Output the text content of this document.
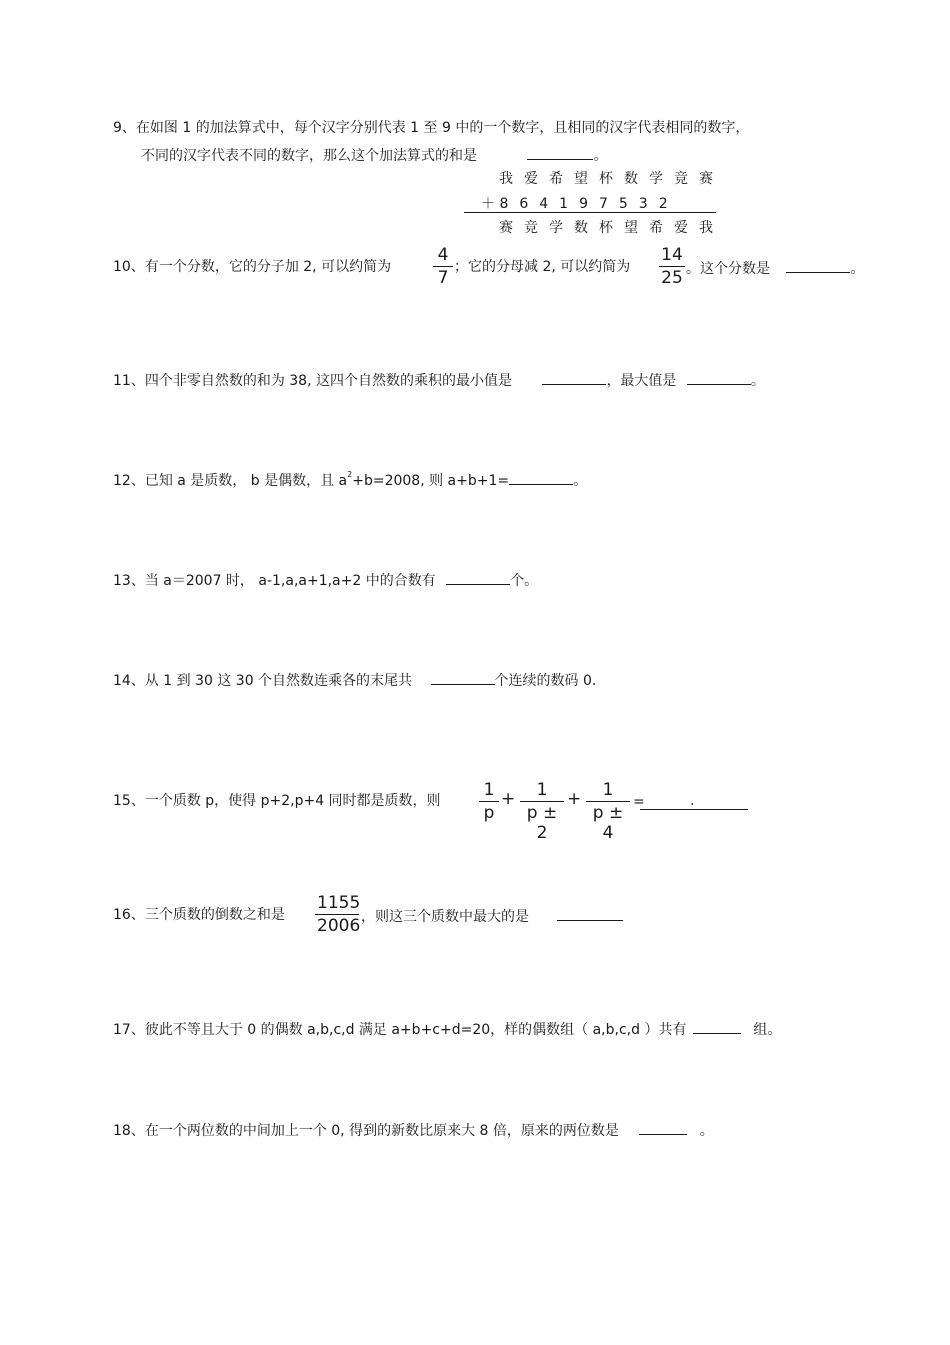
9、在如图 1 的加法算式中，每个汉字分别代表 1 至 9 中的一个数字，且相同的汉字代表相同的数字，
不同的汉字代表不同的数字，那么这个加法算式的和是	。
我爱希望杯数学竞赛
＋ 864197532
赛竞学数杯望希爱我
10、有一个分数，它的分子加 2, 可以约简为
4
7
；它的分母减 2, 可以约简为
14
25 。这个分数是	。
11、四个非零自然数的和为 38, 这四个自然数的乘积的最小值是	，最大值是	。
12、已知 a 是质数， b 是偶数，且 $a^2+b=2008$, 则 a+b+1=	。
13、当 a＝2007 时， a-1,a,a+1,a+2 中的合数有	个。
14、从 1 到 30 这 30 个自然数连乘各的末尾共	个连续的数码 0.
15、一个质数 p，使得 p+2,p+4 同时都是质数，则
1
p
+	1
p ± 2
+	1
p ± 4
=	.
16、三个质数的倒数之和是
1155
2006 ，则这三个质数中最大的是
17、彼此不等且大于 0 的偶数 a,b,c,d 满足 a+b+c+d=20，样的偶数组（ a,b,c,d ）共有	组。
18、在一个两位数的中间加上一个 0, 得到的新数比原来大 8 倍，原来的两位数是	。
